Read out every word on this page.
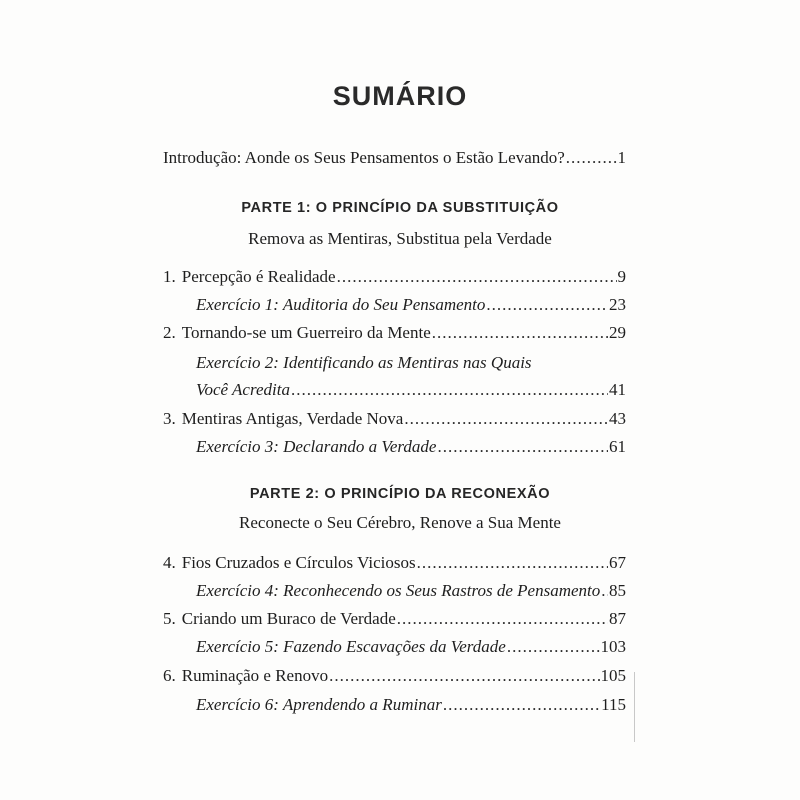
SUMÁRIO
Introdução: Aonde os Seus Pensamentos o Estão Levando? .....	1
PARTE 1: O PRINCÍPIO DA SUBSTITUIÇÃO
Remova as Mentiras, Substitua pela Verdade
1. Percepção é Realidade .....	9
Exercício 1: Auditoria do Seu Pensamento .....	23
2. Tornando-se um Guerreiro da Mente .....	29
Exercício 2: Identificando as Mentiras nas Quais
Você Acredita .....	41
3. Mentiras Antigas, Verdade Nova .....	43
Exercício 3: Declarando a Verdade .....	61
PARTE 2: O PRINCÍPIO DA RECONEXÃO
Reconecte o Seu Cérebro, Renove a Sua Mente
4. Fios Cruzados e Círculos Viciosos .....	67
Exercício 4: Reconhecendo os Seus Rastros de Pensamento ..... 85
5. Criando um Buraco de Verdade .....	87
Exercício 5: Fazendo Escavações da Verdade .....	103
6. Ruminação e Renovo .....	105
Exercício 6: Aprendendo a Ruminar .....	115
